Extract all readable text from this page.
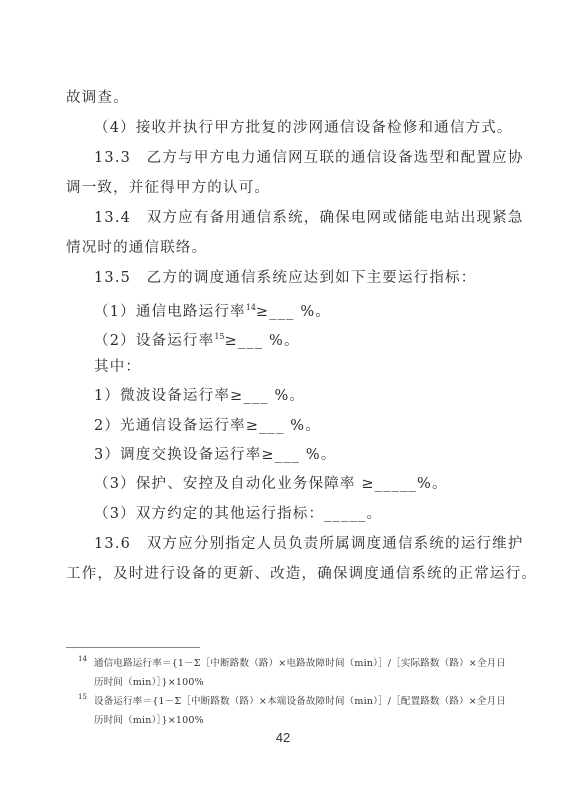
故调查。
（4）接收并执行甲方批复的涉网通信设备检修和通信方式。
13.3　乙方与甲方电力通信网互联的通信设备选型和配置应协
调一致，并征得甲方的认可。
13.4　双方应有备用通信系统，确保电网或储能电站出现紧急
情况时的通信联络。
13.5　乙方的调度通信系统应达到如下主要运行指标：
（1）通信电路运行率$^{14}$≥___ %。
（2）设备运行率$^{15}$≥___ %。
其中：
1）微波设备运行率≥___ %。
2）光通信设备运行率≥___ %。
3）调度交换设备运行率≥___ %。
（3）保护、安控及自动化业务保障率 ≥_____%。
（3）双方约定的其他运行指标：_____。
13.6　双方应分别指定人员负责所属调度通信系统的运行维护
工作，及时进行设备的更新、改造，确保调度通信系统的正常运行。
14 通信电路运行率＝{1－Σ［中断路数（路）×电路故障时间（min）］/［实际路数（路）×全月日
历时间（min）］}×100%
15 设备运行率＝{1－Σ［中断路数（路）×本端设备故障时间（min）］/［配置路数（路）×全月日
历时间（min）］}×100%
42
